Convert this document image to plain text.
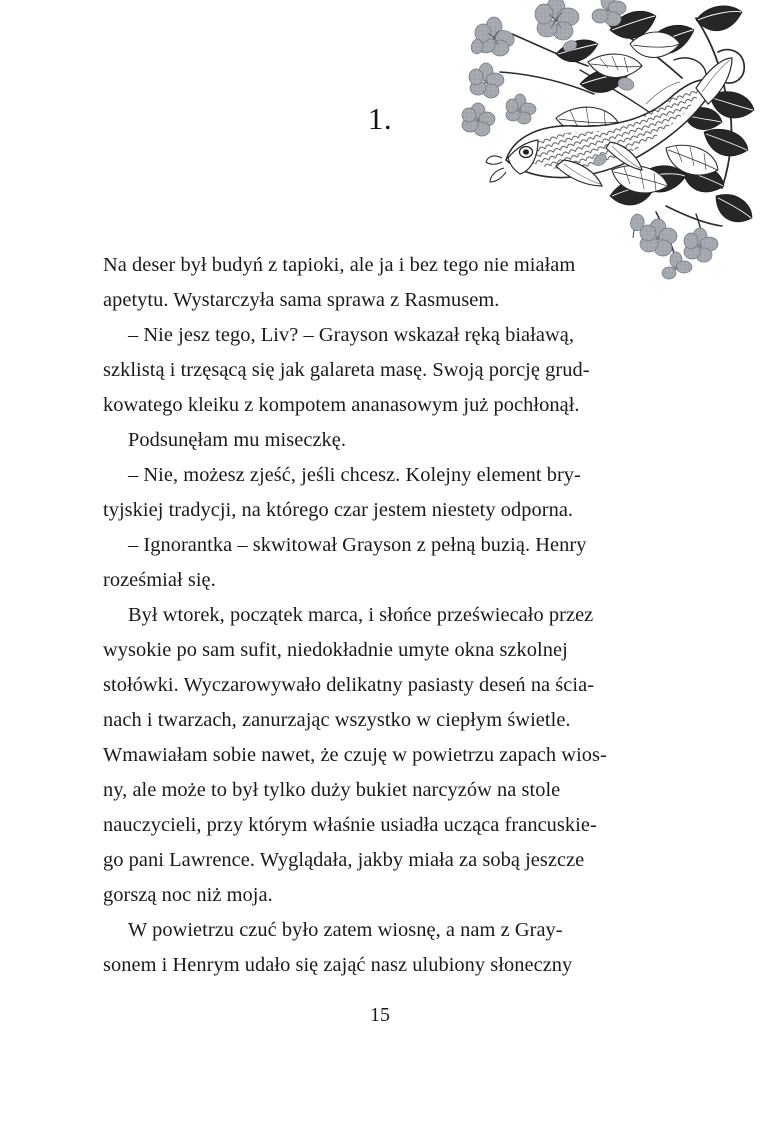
1.
Na deser był budyń z tapioki, ale ja i bez tego nie miałam
apetytu. Wystarczyła sama sprawa z Rasmusem.
– Nie jesz tego, Liv? – Grayson wskazał ręką białawą,
szklistą i trzęsącą się jak galareta masę. Swoją porcję grud-
kowatego kleiku z kompotem ananasowym już pochłonął.
Podsunęłam mu miseczkę.
– Nie, możesz zjeść, jeśli chcesz. Kolejny element bry-
tyjskiej tradycji, na którego czar jestem niestety odporna.
– Ignorantka – skwitował Grayson z pełną buzią. Henry
roześmiał się.
Był wtorek, początek marca, i słońce przeświecało przez
wysokie po sam sufit, niedokładnie umyte okna szkolnej
stołówki. Wyczarowywało delikatny pasiasty deseń na ścia-
nach i twarzach, zanurzając wszystko w ciepłym świetle.
Wmawiałam sobie nawet, że czuję w powietrzu zapach wios-
ny, ale może to był tylko duży bukiet narcyzów na stole
nauczycieli, przy którym właśnie usiadła ucząca francuskie-
go pani Lawrence. Wyglądała, jakby miała za sobą jeszcze
gorszą noc niż moja.
W powietrzu czuć było zatem wiosnę, a nam z Gray-
sonem i Henrym udało się zająć nasz ulubiony słoneczny
15
